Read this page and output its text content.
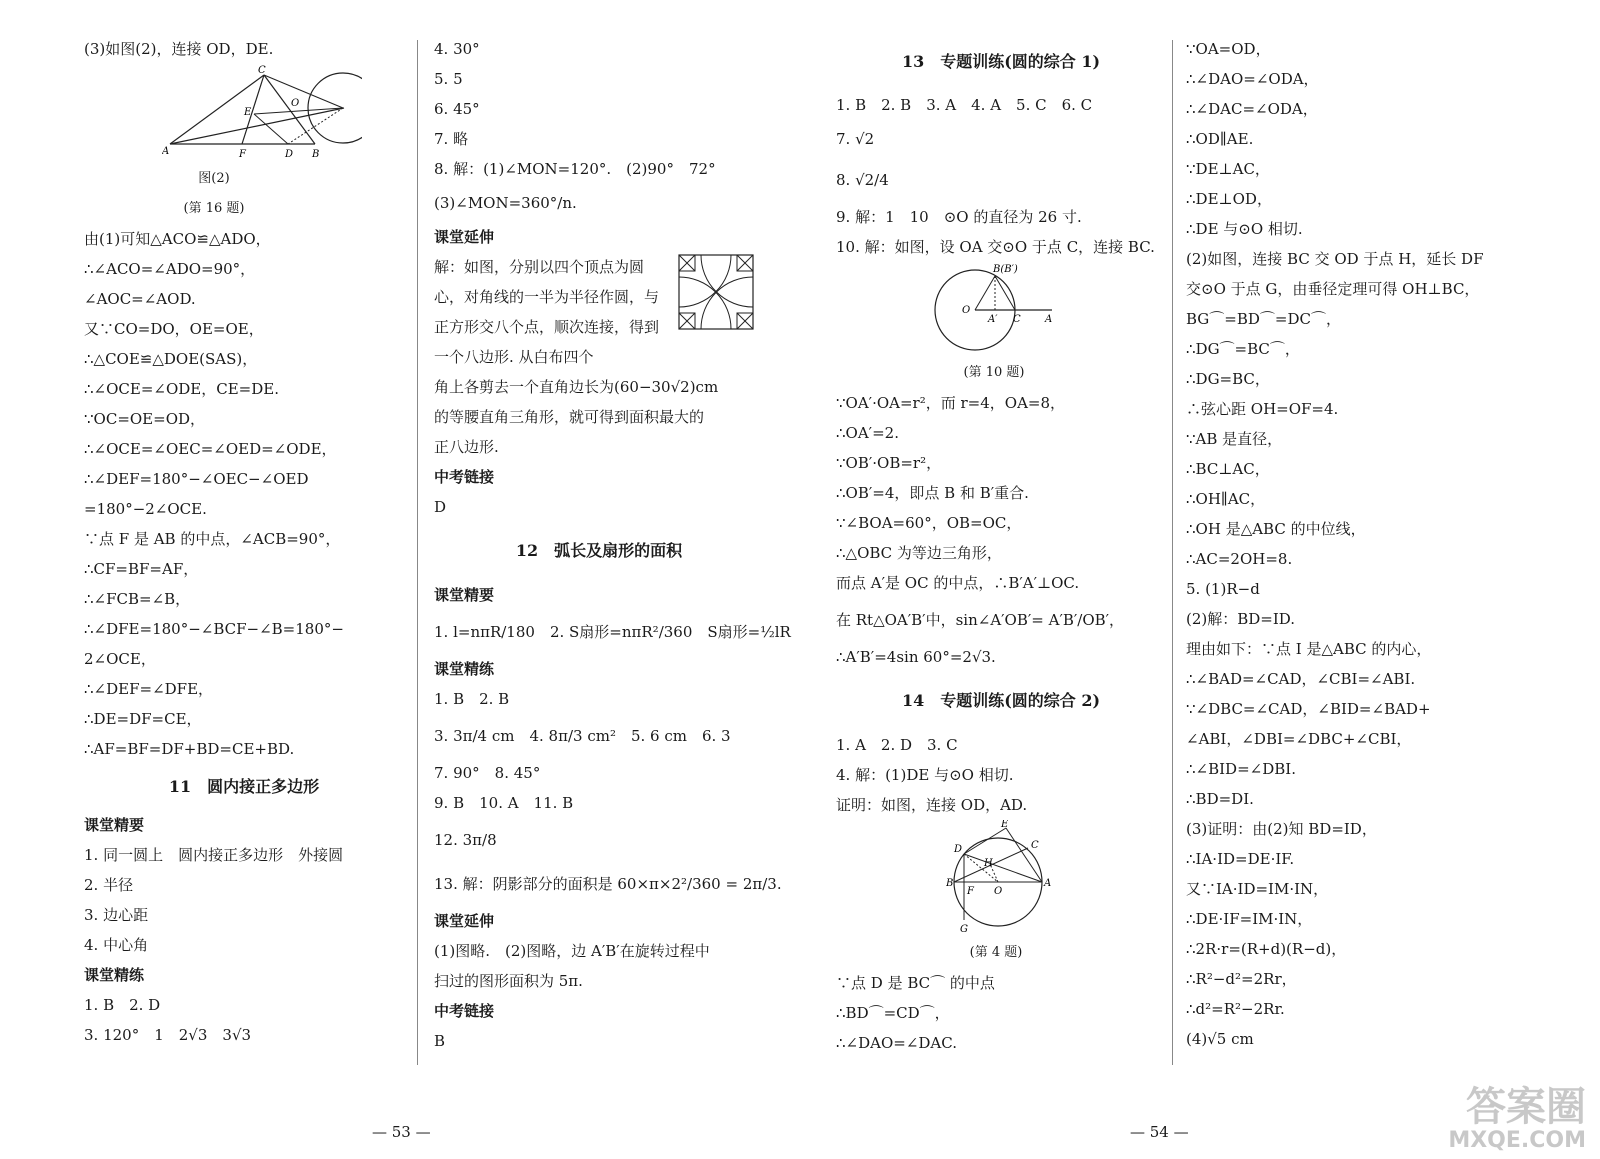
(3)如图(2)，连接 OD，DE.
C
O
E
A	F	D B
图(2)
(第 16 题)
由(1)可知△ACO≌△ADO，
∴∠ACO=∠ADO=90°，
∠AOC=∠AOD.
又∵CO=DO，OE=OE，
∴△COE≌△DOE(SAS)，
∴∠OCE=∠ODE，CE=DE.
∵OC=OE=OD，
∴∠OCE=∠OEC=∠OED=∠ODE，
∴∠DEF=180°−∠OEC−∠OED
=180°−2∠OCE.
∵点 F 是 AB 的中点，∠ACB=90°，
∴CF=BF=AF，
∴∠FCB=∠B，
∴∠DFE=180°−∠BCF−∠B=180°−
2∠OCE，
∴∠DEF=∠DFE，
∴DE=DF=CE，
∴AF=BF=DF+BD=CE+BD.
11　圆内接正多边形
课堂精要
1. 同一圆上　圆内接正多边形　外接圆
2. 半径
3. 边心距
4. 中心角
课堂精练
1. B　2. D
3. 120°　1　2√3　3√3
4. 30°
5. 5
6. 45°
7. 略
8. 解：(1)∠MON=120°.　(2)90°　72°
(3)∠MON=360°/n.
课堂延伸
解：如图，分别以四个顶点为圆心，对角线的一半为半径作圆，与正方形交八个点，顺次连接，得到一个八边形. 从白布四个
角上各剪去一个直角边长为(60−30√2)cm
的等腰直角三角形，就可得到面积最大的
正八边形.
中考链接
D
12　弧长及扇形的面积
课堂精要
1. l=nπR/180　2. S扇形=nπR²/360　S扇形=½lR
课堂精练
1. B　2. B
3. 3π/4 cm　4. 8π/3 cm²　5. 6 cm　6. 3
7. 90°　8. 45°
9. B　10. A　11. B
12. 3π/8
13. 解：阴影部分的面积是 60×π×2²/360 = 2π/3.
课堂延伸
(1)图略.　(2)图略，边 A′B′在旋转过程中
扫过的图形面积为 5π.
中考链接
B
— 53 —
13　专题训练(圆的综合 1)
1. B　2. B　3. A　4. A　5. C　6. C
7. √2
8. √2/4
9. 解：1　10　⊙O 的直径为 26 寸.
10. 解：如图，设 OA 交⊙O 于点 C，连接 BC.
B(B′)
O
A′ C A
(第 10 题)
∵OA′·OA=r²，而 r=4，OA=8，
∴OA′=2.
∵OB′·OB=r²，
∴OB′=4，即点 B 和 B′重合.
∵∠BOA=60°，OB=OC，
∴△OBC 为等边三角形，
而点 A′是 OC 的中点，∴B′A′⊥OC.
在 Rt△OA′B′中，sin∠A′OB′= A′B′/OB′，
∴A′B′=4sin 60°=2√3.
14　专题训练(圆的综合 2)
1. A　2. D　3. C
4. 解：(1)DE 与⊙O 相切.
证明：如图，连接 OD，AD.
E
D	C
H
B
F O
A
G
(第 4 题)
∵点 D 是 BC⌒ 的中点
∴BD⌒=CD⌒，
∴∠DAO=∠DAC.
∵OA=OD，
∴∠DAO=∠ODA，
∴∠DAC=∠ODA，
∴OD∥AE.
∵DE⊥AC，
∴DE⊥OD，
∴DE 与⊙O 相切.
(2)如图，连接 BC 交 OD 于点 H，延长 DF
交⊙O 于点 G，由垂径定理可得 OH⊥BC，
BG⌒=BD⌒=DC⌒，
∴DG⌒=BC⌒，
∴DG=BC，
∴弦心距 OH=OF=4.
∵AB 是直径，
∴BC⊥AC，
∴OH∥AC，
∴OH 是△ABC 的中位线，
∴AC=2OH=8.
5. (1)R−d
(2)解：BD=ID.
理由如下：∵点 I 是△ABC 的内心，
∴∠BAD=∠CAD，∠CBI=∠ABI.
∵∠DBC=∠CAD，∠BID=∠BAD+
∠ABI，∠DBI=∠DBC+∠CBI，
∴∠BID=∠DBI.
∴BD=DI.
(3)证明：由(2)知 BD=ID，
∴IA·ID=DE·IF.
又∵IA·ID=IM·IN，
∴DE·IF=IM·IN，
∴2R·r=(R+d)(R−d)，
∴R²−d²=2Rr，
∴d²=R²−2Rr.
(4)√5 cm
— 54 —
答案圈
MXQE.COM
